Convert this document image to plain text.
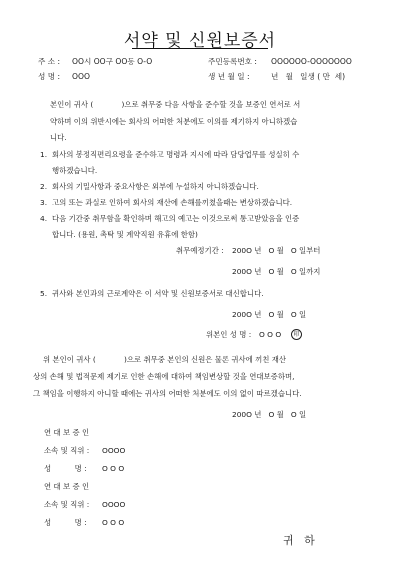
서약 및 신원보증서
주 소 : OO시 OO구 OO동 O-O	주민등록번호 : OOOOOO-OOOOOOO
성 명 : OOO	생 년 월 일 :	년   월   일생 ( 만  세)
본인이 귀사 (            )으로 취무중 다음 사항을 준수할 것을 보증인 연서로 서
약하며 이의 위반시에는 회사의 어떠한 처분에도 이의를 제기하지 아니하겠습
니다.
1. 회사의 봉정직편리요령을 준수하고 명령과 지시에 따라 담당업무를 성실히 수
행하겠습니다.
2. 회사의 기밀사항과 중요사항은 외부에 누설하지 아니하겠습니다.
3. 고의 또는 과실로 인하여 회사의 재산에 손해를끼쳤을때는 변상하겠습니다.
4. 다음 기간중 취무함을 확인하며 해고의 예고는 이것으로써 통고받았음을 인증
합니다. (용원, 촉탁 및 계약직원 유휴에 한함)
취무예정기간 : 200O 년   O 월   O 일부터
200O 년   O 월   O 일까지
5. 귀사와 본인과의 근로계약은 이 서약 및 신원보증서로 대신합니다.
200O 년   O 월   O 일
위본인 성 명 : O O O	印
위 본인이 귀사 (            )으로 취무중 본인의 신원은 물론 귀사에 끼친 재산
상의 손해 및 법적문제 제기로 인한 손해에 대하여 책임변상할 것을 연대보증하며,
그 책임을 이행하지 아니할 때에는 귀사의 어떠한 처분에도 이의 없이 따르겠습니다.
200O 년   O 월   O 일
연 대 보 증 인
소속 및 직위 : OOOO
성          명 : O O O
연 대 보 증 인
소속 및 직위 : OOOO
성          명 : O O O
귀   하
